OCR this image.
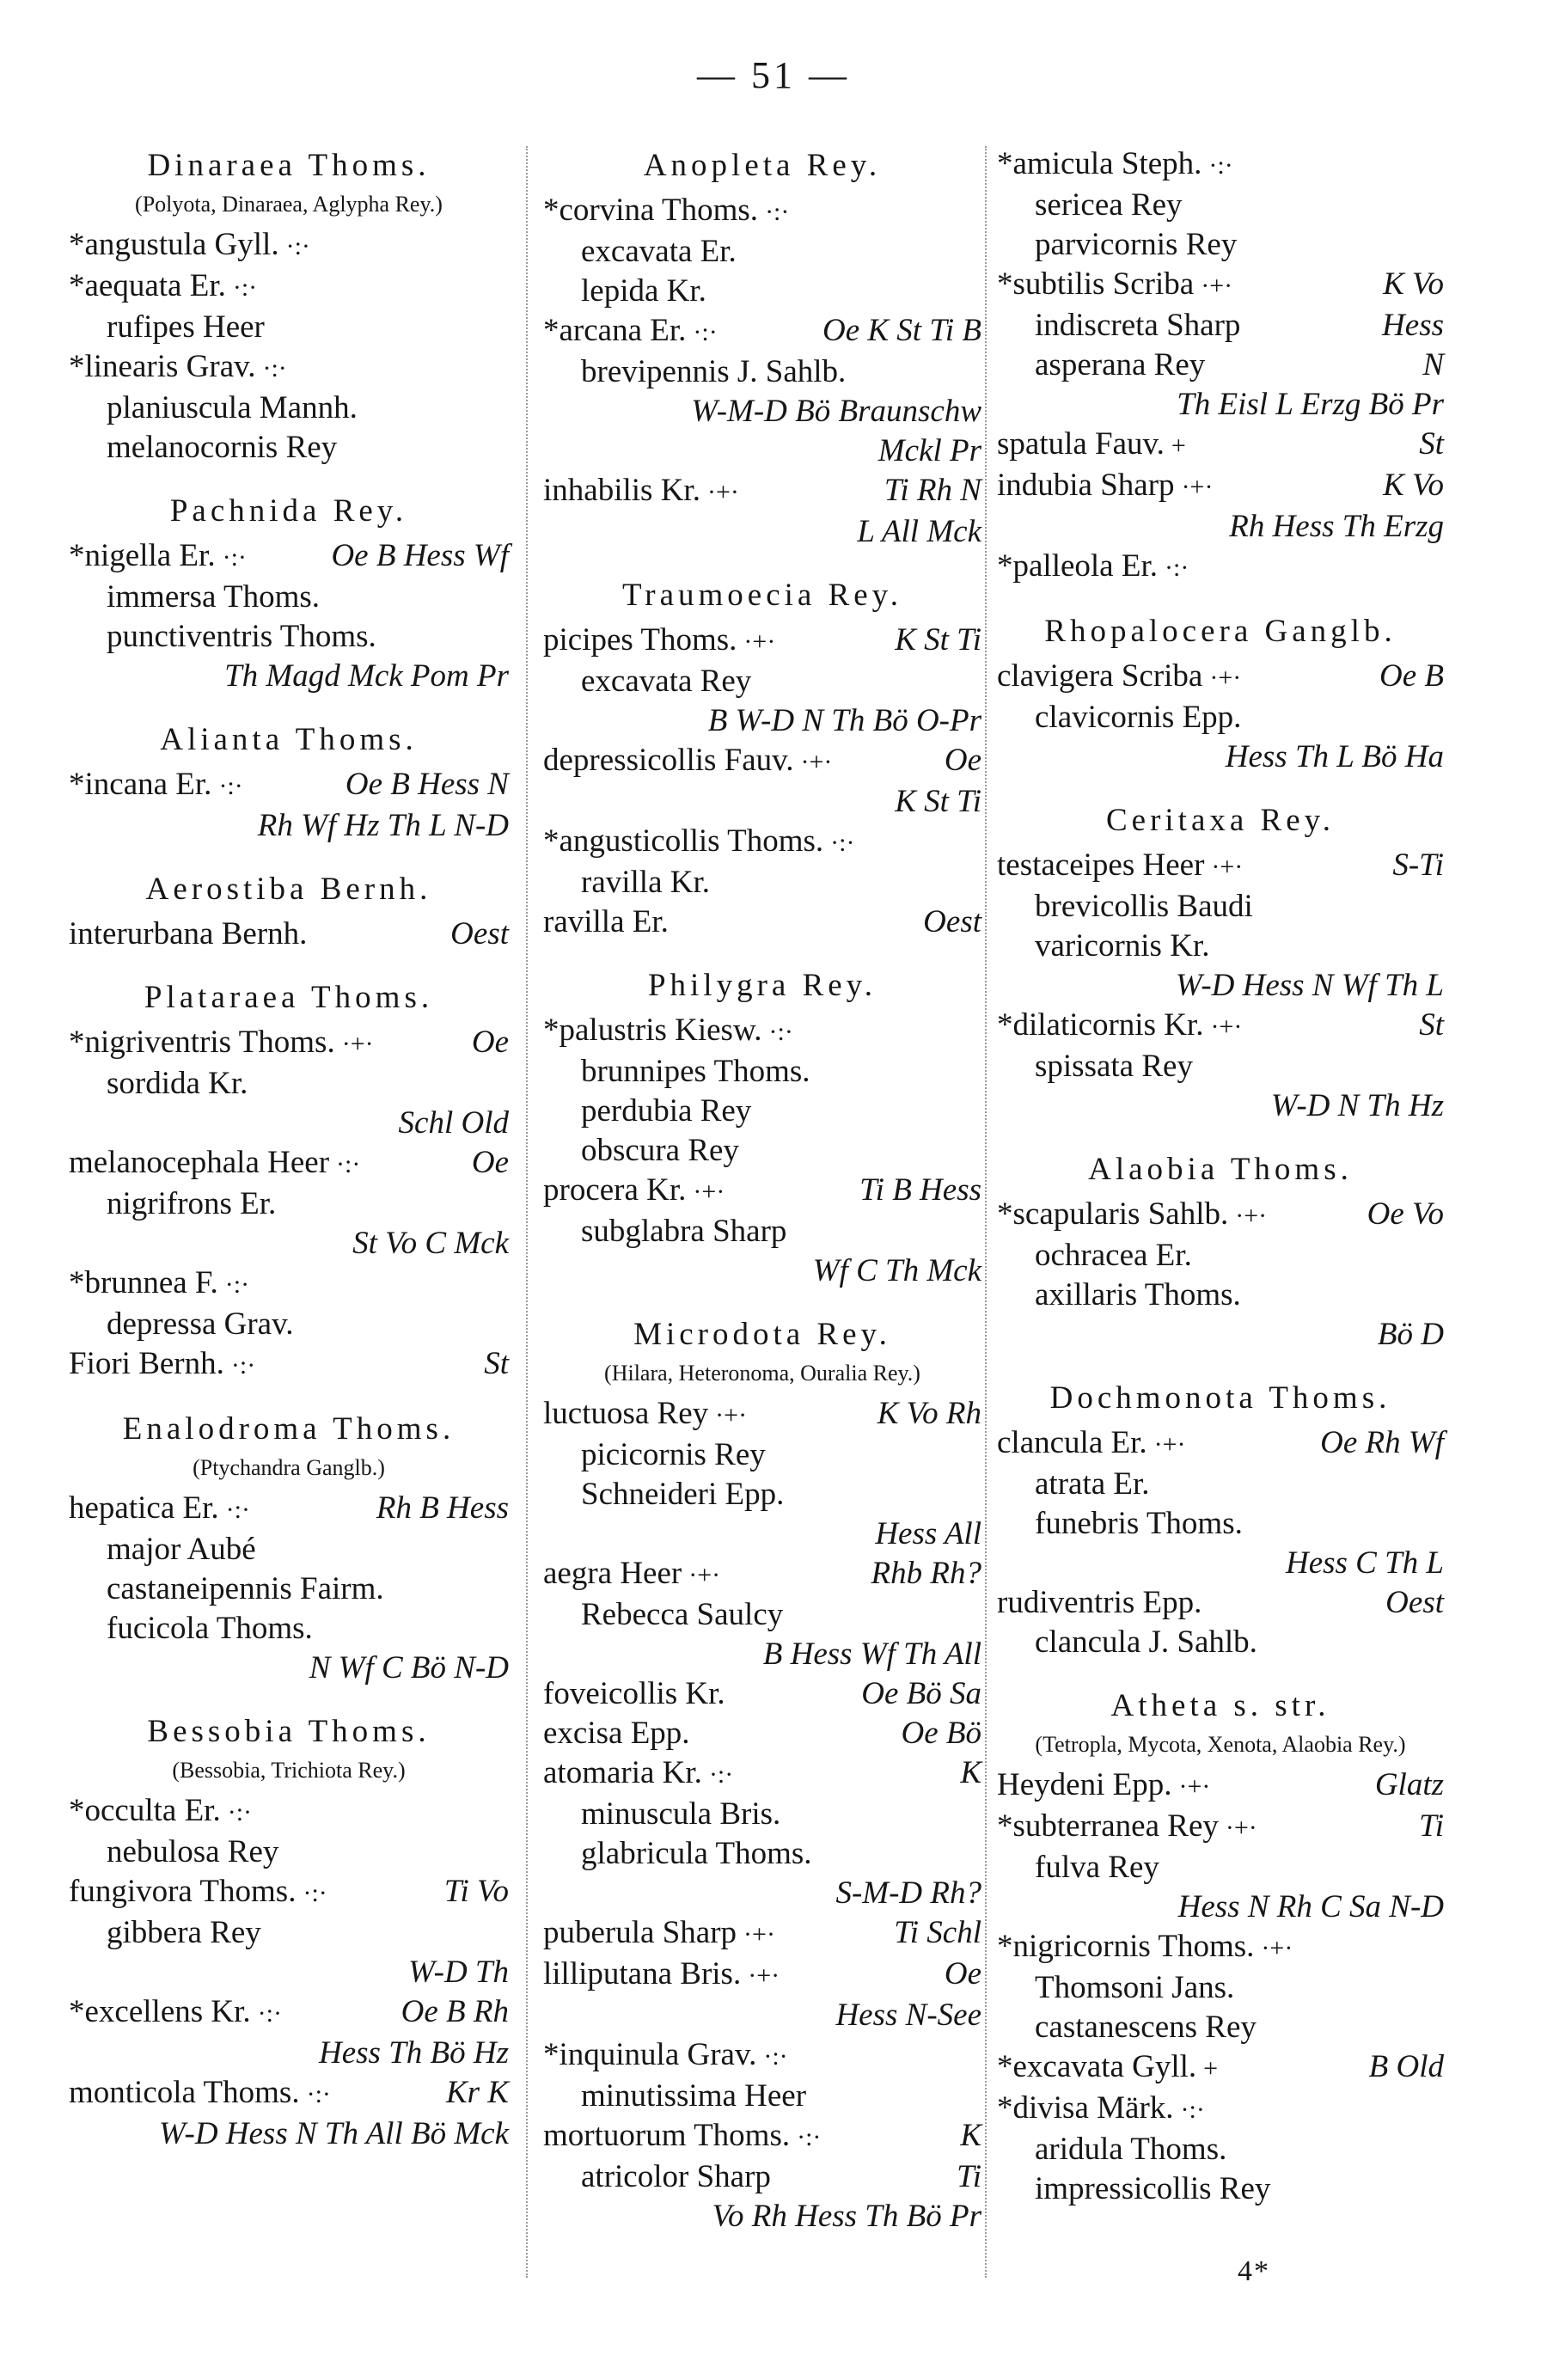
— 51 —
Dinaraea Thoms.
(Polyota, Dinaraea, Aglypha Rey.)
*angustula Gyll. ·:·
*aequata Er. ·:·
rufipes Heer
*linearis Grav. ·:·
planiuscula Mannh.
melanocornis Rey
Pachnida Rey.
*nigella Er. ·:·	Oe B Hess Wf
immersa Thoms.
punctiventris Thoms.
Th Magd Mck Pom Pr
Alianta Thoms.
*incana Er. ·:·	Oe B Hess N
Rh Wf Hz Th L N-D
Aerostiba Bernh.
interurbana Bernh.	Oest
Plataraea Thoms.
*nigriventris Thoms. ·+·	Oe
sordida Kr.
Schl Old
melanocephala Heer ·:·	Oe
nigrifrons Er.
St Vo C Mck
*brunnea F. ·:·
depressa Grav.
Fiori Bernh. ·:·	St
Enalodroma Thoms.
(Ptychandra Ganglb.)
hepatica Er. ·:·	Rh B Hess
major Aubé
castaneipennis Fairm.
fucicola Thoms.
N Wf C Bö N-D
Bessobia Thoms.
(Bessobia, Trichiota Rey.)
*occulta Er. ·:·
nebulosa Rey
fungivora Thoms. ·:·	Ti Vo
gibbera Rey
W-D Th
*excellens Kr. ·:·	Oe B Rh
Hess Th Bö Hz
monticola Thoms. ·:·	Kr K
W-D Hess N Th All Bö Mck
Anopleta Rey.
*corvina Thoms. ·:·
excavata Er.
lepida Kr.
*arcana Er. ·:·	Oe K St Ti B
brevipennis J. Sahlb.
W-M-D Bö Braunschw
Mckl Pr
inhabilis Kr. ·+·	Ti Rh N
L All Mck
Traumoecia Rey.
picipes Thoms. ·+·	K St Ti
excavata Rey
B W-D N Th Bö O-Pr
depressicollis Fauv. ·+·	Oe
K St Ti
*angusticollis Thoms. ·:·
ravilla Kr.
ravilla Er.	Oest
Philygra Rey.
*palustris Kiesw. ·:·
brunnipes Thoms.
perdubia Rey
obscura Rey
procera Kr. ·+·	Ti B Hess
subglabra Sharp
Wf C Th Mck
Microdota Rey.
(Hilara, Heteronoma, Ouralia Rey.)
luctuosa Rey ·+·	K Vo Rh
picicornis Rey
Schneideri Epp.
Hess All
aegra Heer ·+·	Rhb Rh?
Rebecca Saulcy
B Hess Wf Th All
foveicollis Kr.	Oe Bö Sa
excisa Epp.	Oe Bö
atomaria Kr. ·:·	K
minuscula Bris.
glabricula Thoms.
S-M-D Rh?
puberula Sharp ·+·	Ti Schl
lilliputana Bris. ·+·	Oe
Hess N-See
*inquinula Grav. ·:·
minutissima Heer
mortuorum Thoms. ·:·	K
atricolor Sharp	Ti
Vo Rh Hess Th Bö Pr
*amicula Steph. ·:·
sericea Rey
parvicornis Rey
*subtilis Scriba ·+·	K Vo
indiscreta Sharp	Hess
asperana Rey	N
Th Eisl L Erzg Bö Pr
spatula Fauv. +	St
indubia Sharp ·+·	K Vo
Rh Hess Th Erzg
*palleola Er. ·:·
Rhopalocera Ganglb.
clavigera Scriba ·+·	Oe B
clavicornis Epp.
Hess Th L Bö Ha
Ceritaxa Rey.
testaceipes Heer ·+·	S-Ti
brevicollis Baudi
varicornis Kr.
W-D Hess N Wf Th L
*dilaticornis Kr. ·+·	St
spissata Rey
W-D N Th Hz
Alaobia Thoms.
*scapularis Sahlb. ·+·	Oe Vo
ochracea Er.
axillaris Thoms.
Bö D
Dochmonota Thoms.
clancula Er. ·+·	Oe Rh Wf
atrata Er.
funebris Thoms.
Hess C Th L
rudiventris Epp.	Oest
clancula J. Sahlb.
Atheta s. str.
(Tetropla, Mycota, Xenota, Alaobia Rey.)
Heydeni Epp. ·+·	Glatz
*subterranea Rey ·+·	Ti
fulva Rey
Hess N Rh C Sa N-D
*nigricornis Thoms. ·+·
Thomsoni Jans.
castanescens Rey
*excavata Gyll. +	B Old
*divisa Märk. ·:·
aridula Thoms.
impressicollis Rey
4*
